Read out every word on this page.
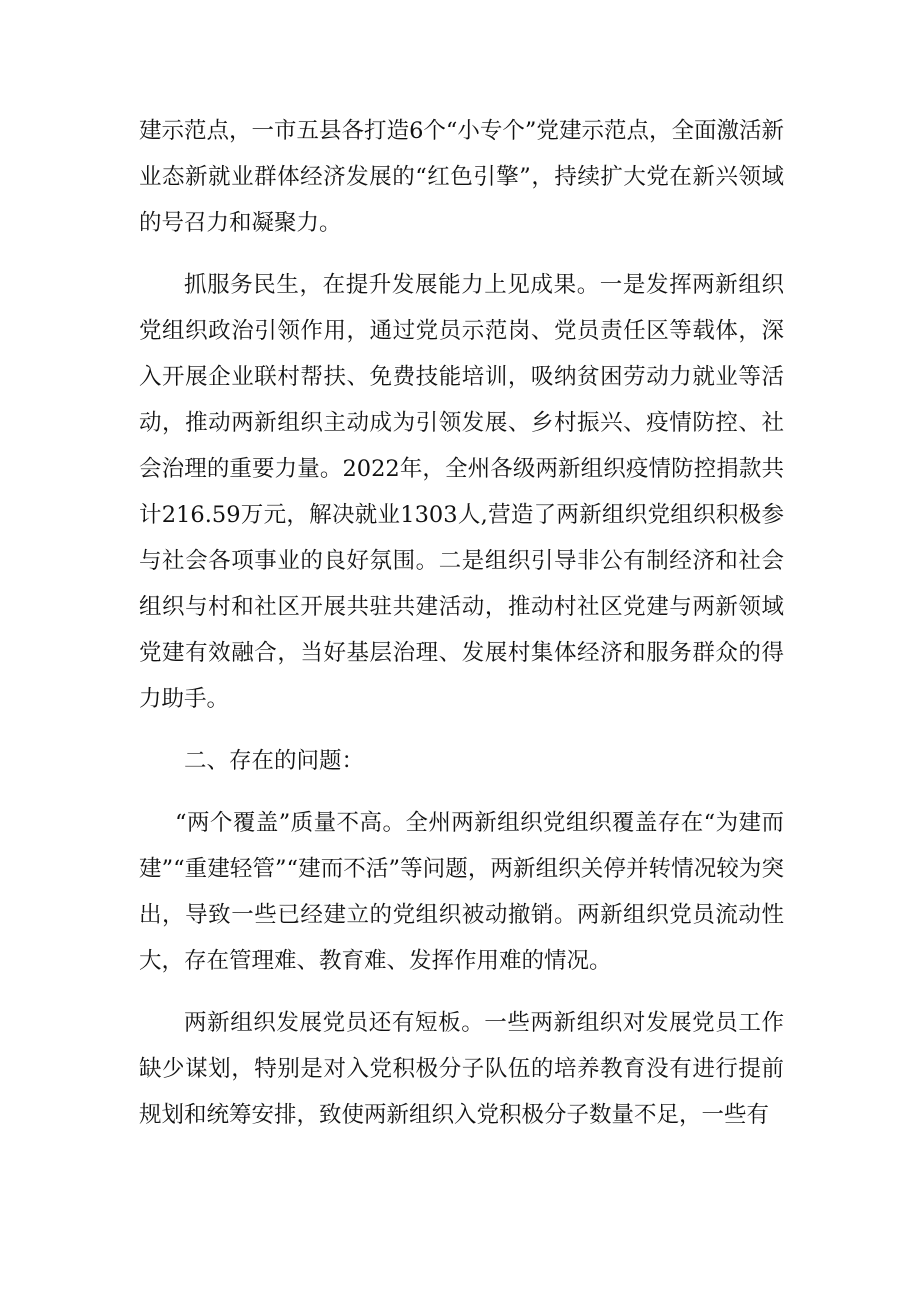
建示范点，一市五县各打造6个“小专个”党建示范点，全面激活新业态新就业群体经济发展的“红色引擎”，持续扩大党在新兴领域的号召力和凝聚力。

抓服务民生，在提升发展能力上见成果。一是发挥两新组织党组织政治引领作用，通过党员示范岗、党员责任区等载体，深入开展企业联村帮扶、免费技能培训，吸纳贫困劳动力就业等活动，推动两新组织主动成为引领发展、乡村振兴、疫情防控、社会治理的重要力量。2022年，全州各级两新组织疫情防控捐款共计216.59万元，解决就业1303人,营造了两新组织党组织积极参与社会各项事业的良好氛围。二是组织引导非公有制经济和社会组织与村和社区开展共驻共建活动，推动村社区党建与两新领域党建有效融合，当好基层治理、发展村集体经济和服务群众的得力助手。

二、存在的问题：

“两个覆盖”质量不高。全州两新组织党组织覆盖存在“为建而建”“重建轻管”“建而不活”等问题，两新组织关停并转情况较为突出，导致一些已经建立的党组织被动撤销。两新组织党员流动性大，存在管理难、教育难、发挥作用难的情况。

两新组织发展党员还有短板。一些两新组织对发展党员工作缺少谋划，特别是对入党积极分子队伍的培养教育没有进行提前规划和统筹安排，致使两新组织入党积极分子数量不足，一些有
